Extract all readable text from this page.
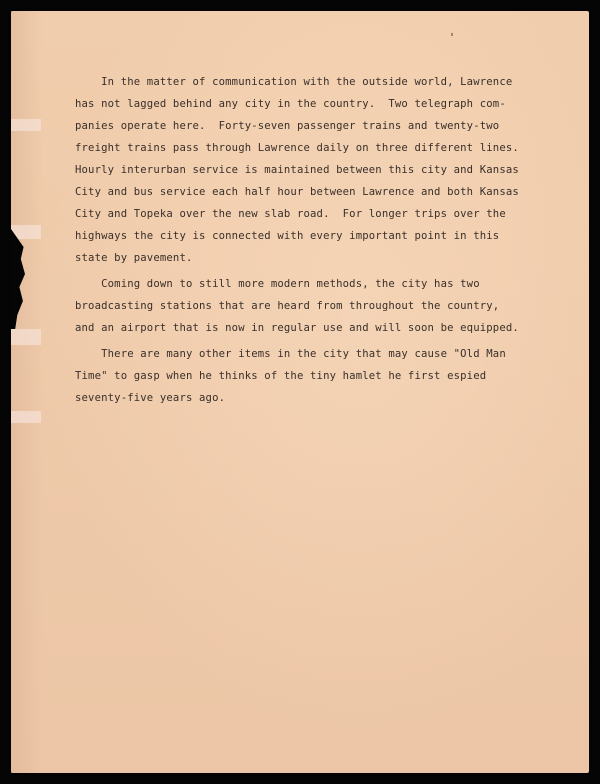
In the matter of communication with the outside world, Lawrence
has not lagged behind any city in the country.  Two telegraph com-
panies operate here.  Forty-seven passenger trains and twenty-two
freight trains pass through Lawrence daily on three different lines.
Hourly interurban service is maintained between this city and Kansas
City and bus service each half hour between Lawrence and both Kansas
City and Topeka over the new slab road.  For longer trips over the
highways the city is connected with every important point in this
state by pavement.
Coming down to still more modern methods, the city has two
broadcasting stations that are heard from throughout the country,
and an airport that is now in regular use and will soon be equipped.
There are many other items in the city that may cause "Old Man
Time" to gasp when he thinks of the tiny hamlet he first espied
seventy-five years ago.
